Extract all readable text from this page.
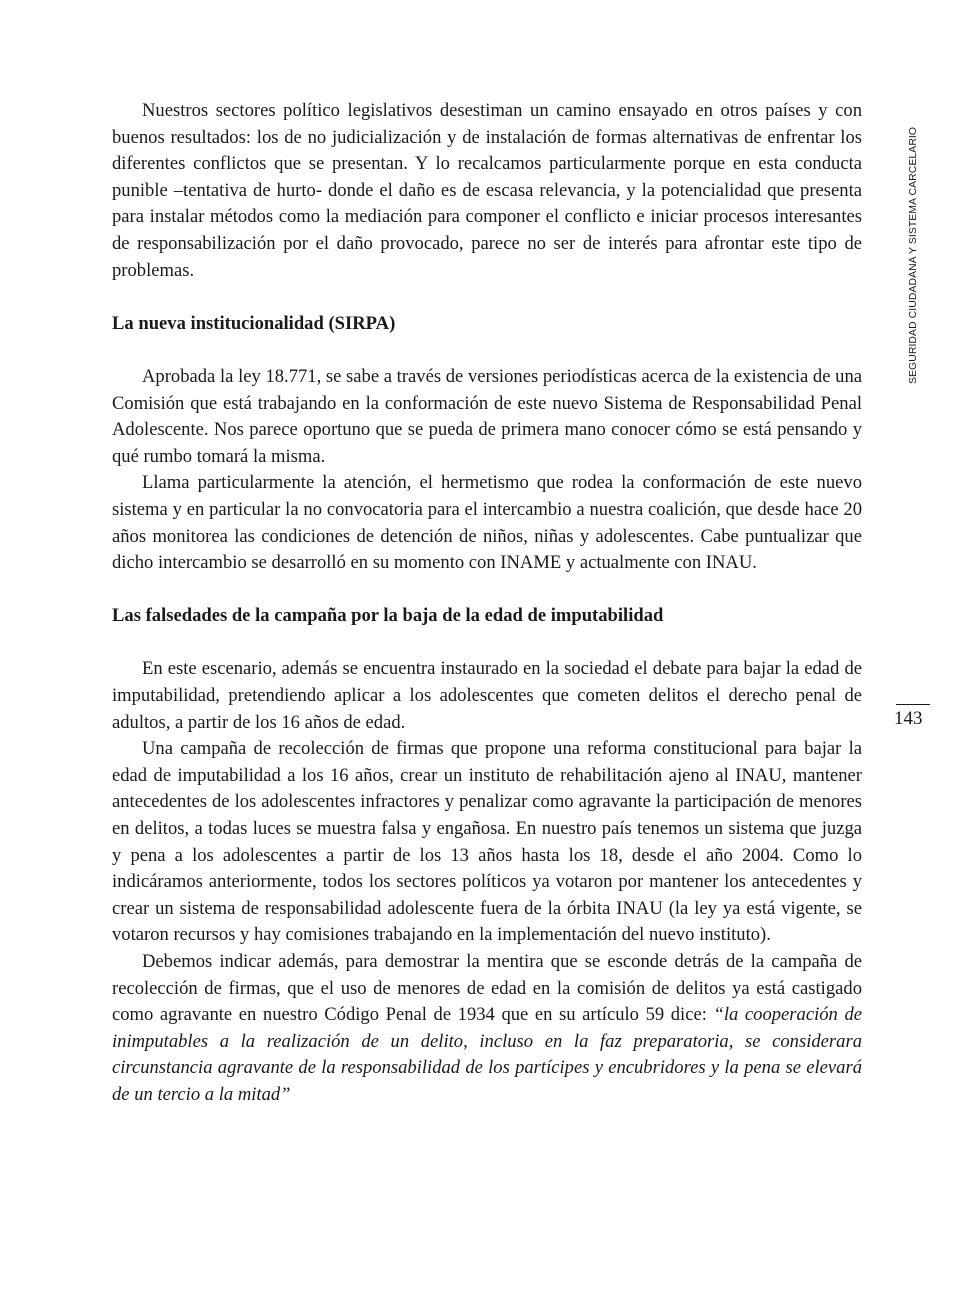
SEGURIDAD CIUDADANA Y SISTEMA CARCELARIO
143

Nuestros sectores político legislativos desestiman un camino ensayado en otros países y con buenos resultados: los de no judicialización y de instalación de formas alternativas de enfrentar los diferentes conflictos que se presentan. Y lo recalcamos particularmente porque en esta conducta punible –tentativa de hurto- donde el daño es de escasa relevancia, y la potencialidad que presenta para instalar métodos como la mediación para componer el conflicto e iniciar procesos interesantes de responsabilización por el daño provocado, parece no ser de interés para afrontar este tipo de problemas.

La nueva institucionalidad (SIRPA)

Aprobada la ley 18.771, se sabe a través de versiones periodísticas acerca de la existencia de una Comisión que está trabajando en la conformación de este nuevo Sistema de Responsabilidad Penal Adolescente. Nos parece oportuno que se pueda de primera mano conocer cómo se está pensando y qué rumbo tomará la misma.

Llama particularmente la atención, el hermetismo que rodea la conformación de este nuevo sistema y en particular la no convocatoria para el intercambio a nuestra coalición, que desde hace 20 años monitorea las condiciones de detención de niños, niñas y adolescentes. Cabe puntualizar que dicho intercambio se desarrolló en su momento con INAME y actualmente con INAU.

Las falsedades de la campaña por la baja de la edad de imputabilidad

En este escenario, además se encuentra instaurado en la sociedad el debate para bajar la edad de imputabilidad, pretendiendo aplicar a los adolescentes que cometen delitos el derecho penal de adultos, a partir de los 16 años de edad.

Una campaña de recolección de firmas que propone una reforma constitucional para bajar la edad de imputabilidad a los 16 años, crear un instituto de rehabilitación ajeno al INAU, mantener antecedentes de los adolescentes infractores y penalizar como agravante la participación de menores en delitos, a todas luces se muestra falsa y engañosa. En nuestro país tenemos un sistema que juzga y pena a los adolescentes a partir de los 13 años hasta los 18, desde el año 2004. Como lo indicáramos anteriormente, todos los sectores políticos ya votaron por mantener los antecedentes y crear un sistema de responsabilidad adolescente fuera de la órbita INAU (la ley ya está vigente, se votaron recursos y hay comisiones trabajando en la implementación del nuevo instituto).

Debemos indicar además, para demostrar la mentira que se esconde detrás de la campaña de recolección de firmas, que el uso de menores de edad en la comisión de delitos ya está castigado como agravante en nuestro Código Penal de 1934 que en su artículo 59 dice: “la cooperación de inimputables a la realización de un delito, incluso en la faz preparatoria, se considerara circunstancia agravante de la responsabilidad de los partícipes y encubridores y la pena se elevará de un tercio a la mitad”
